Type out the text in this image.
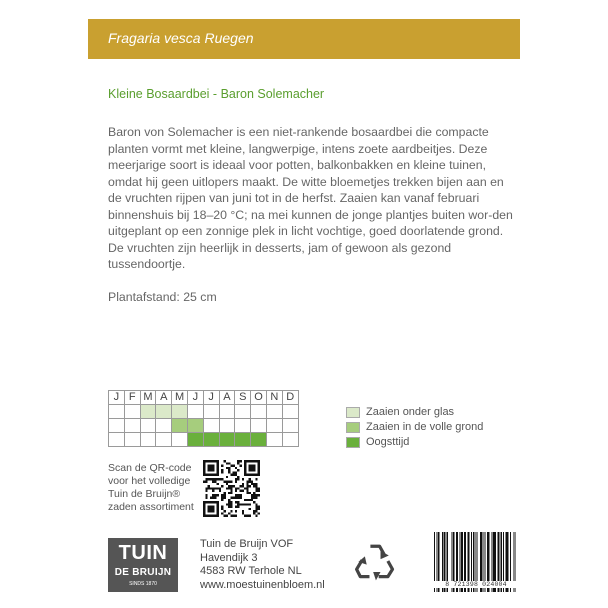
Fragaria vesca Ruegen
Kleine Bosaardbei - Baron Solemacher

Baron von Solemacher is een niet-rankende bosaardbei die compacte planten vormt met kleine, langwerpige, intens zoete aardbeitjes. Deze meerjarige soort is ideaal voor potten, balkonbakken en kleine tuinen, omdat hij geen uitlopers maakt. De witte bloemetjes trekken bijen aan en de vruchten rijpen van juni tot in de herfst. Zaaien kan vanaf februari binnenshuis bij 18–20 °C; na mei kunnen de jonge plantjes buiten wor-den uitgeplant op een zonnige plek in licht vochtige, goed doorlatende grond. De vruchten zijn heerlijk in desserts, jam of gewoon als gezond tussendoortje.

Plantafstand: 25 cm
J	F	M	A	M	J	J	A	S	O	N	D

Zaaien onder glas
Zaaien in de volle grond
Oogsttijd
Scan de QR-code
voor het volledige
Tuin de Bruijn®
zaden assortiment
TUIN
DE BRUIJN
SINDS 1870
Tuin de Bruijn VOF
Havendijk 3
4583 RW Terhole NL
www.moestuinenbloem.nl	8 721398 024004
